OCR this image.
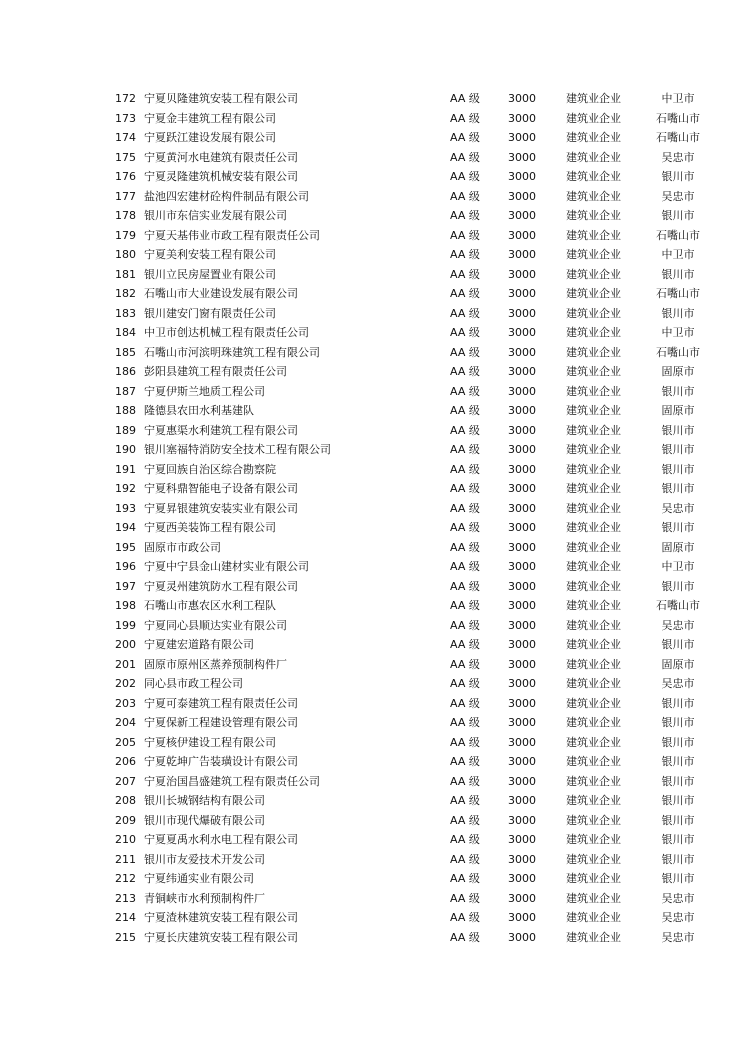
172 宁夏贝隆建筑安装工程有限公司	AA 级	3000	建筑业企业	中卫市
173 宁夏金丰建筑工程有限公司	AA 级	3000	建筑业企业	石嘴山市
174 宁夏跃江建设发展有限公司	AA 级	3000	建筑业企业	石嘴山市
175 宁夏黄河水电建筑有限责任公司	AA 级	3000	建筑业企业	吴忠市
176 宁夏灵隆建筑机械安装有限公司	AA 级	3000	建筑业企业	银川市
177 盐池四宏建材砼构件制品有限公司	AA 级	3000	建筑业企业	吴忠市
178 银川市东信实业发展有限公司	AA 级	3000	建筑业企业	银川市
179 宁夏天基伟业市政工程有限责任公司	AA 级	3000	建筑业企业	石嘴山市
180 宁夏美利安装工程有限公司	AA 级	3000	建筑业企业	中卫市
181 银川立民房屋置业有限公司	AA 级	3000	建筑业企业	银川市
182 石嘴山市大业建设发展有限公司	AA 级	3000	建筑业企业	石嘴山市
183 银川建安门窗有限责任公司	AA 级	3000	建筑业企业	银川市
184 中卫市创达机械工程有限责任公司	AA 级	3000	建筑业企业	中卫市
185 石嘴山市河滨明珠建筑工程有限公司	AA 级	3000	建筑业企业	石嘴山市
186 彭阳县建筑工程有限责任公司	AA 级	3000	建筑业企业	固原市
187 宁夏伊斯兰地质工程公司	AA 级	3000	建筑业企业	银川市
188 隆德县农田水利基建队	AA 级	3000	建筑业企业	固原市
189 宁夏惠渠水利建筑工程有限公司	AA 级	3000	建筑业企业	银川市
190 银川塞福特消防安全技术工程有限公司	AA 级	3000	建筑业企业	银川市
191 宁夏回族自治区综合勘察院	AA 级	3000	建筑业企业	银川市
192 宁夏科鼎智能电子设备有限公司	AA 级	3000	建筑业企业	银川市
193 宁夏昇银建筑安装实业有限公司	AA 级	3000	建筑业企业	吴忠市
194 宁夏西美装饰工程有限公司	AA 级	3000	建筑业企业	银川市
195 固原市市政公司	AA 级	3000	建筑业企业	固原市
196 宁夏中宁县金山建材实业有限公司	AA 级	3000	建筑业企业	中卫市
197 宁夏灵州建筑防水工程有限公司	AA 级	3000	建筑业企业	银川市
198 石嘴山市惠农区水利工程队	AA 级	3000	建筑业企业	石嘴山市
199 宁夏同心县顺达实业有限公司	AA 级	3000	建筑业企业	吴忠市
200 宁夏建宏道路有限公司	AA 级	3000	建筑业企业	银川市
201 固原市原州区蒸养预制构件厂	AA 级	3000	建筑业企业	固原市
202 同心县市政工程公司	AA 级	3000	建筑业企业	吴忠市
203 宁夏可泰建筑工程有限责任公司	AA 级	3000	建筑业企业	银川市
204 宁夏保新工程建设管理有限公司	AA 级	3000	建筑业企业	银川市
205 宁夏核伊建设工程有限公司	AA 级	3000	建筑业企业	银川市
206 宁夏乾坤广告装璜设计有限公司	AA 级	3000	建筑业企业	银川市
207 宁夏治国昌盛建筑工程有限责任公司	AA 级	3000	建筑业企业	银川市
208 银川长城钢结构有限公司	AA 级	3000	建筑业企业	银川市
209 银川市现代爆破有限公司	AA 级	3000	建筑业企业	银川市
210 宁夏夏禹水利水电工程有限公司	AA 级	3000	建筑业企业	银川市
211 银川市友爱技术开发公司	AA 级	3000	建筑业企业	银川市
212 宁夏纬通实业有限公司	AA 级	3000	建筑业企业	银川市
213 青铜峡市水利预制构件厂	AA 级	3000	建筑业企业	吴忠市
214 宁夏渣林建筑安装工程有限公司	AA 级	3000	建筑业企业	吴忠市
215 宁夏长庆建筑安装工程有限公司	AA 级	3000	建筑业企业	吴忠市
